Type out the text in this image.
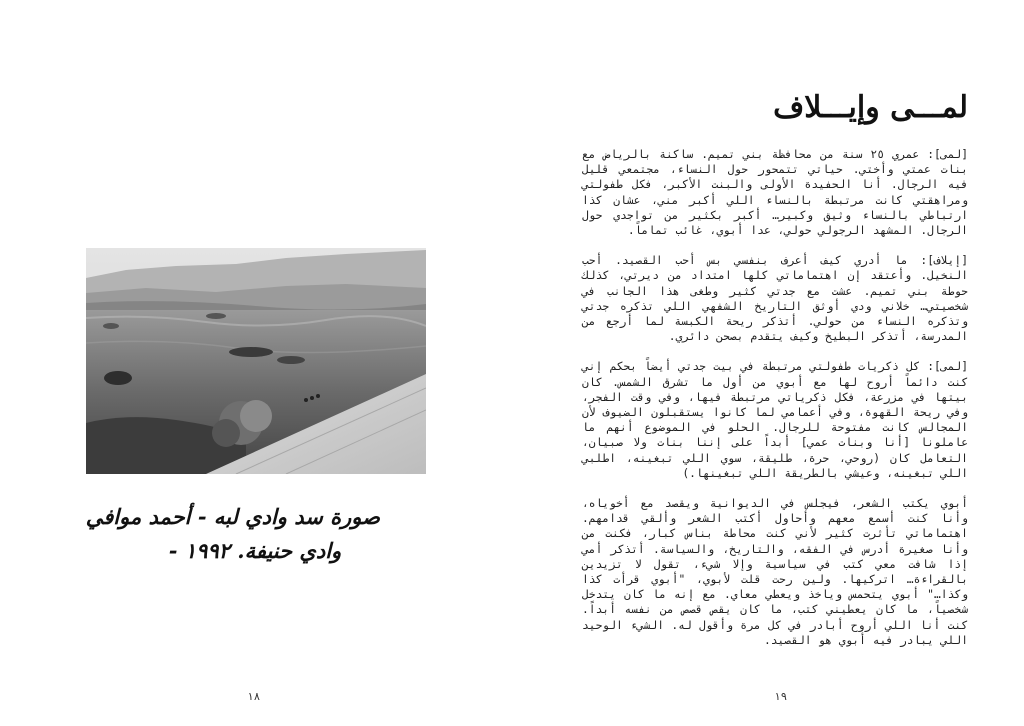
صورة سد وادي لبه - أحمد موافي
وادي حنيفة. ١٩٩٢ -
١٨
لمـــى وإيـــلاف

[لمى]: عمري ٢٥ سنة من محافظة بني تميم. ساكنة بالرياض مع بنات عمتي وأختي. حياتي تتمحور حول النساء، مجتمعي قليل فيه الرجال. أنا الحفيدة الأولى والبنت الأكبر، فكل طفولتي ومراهقتي كانت مرتبطة بالنساء اللي أكبر مني، عشان كذا ارتباطي بالنساء وثيق وكبير… أكبر بكثير من تواجدي حول الرجال. المشهد الرجولي حولي، عدا أبوي، غائب تماماً.

[إيلاف]: ما أدري كيف أعرف بنفسي بس أحب القصيد. أحب النخيل. وأعتقد إن اهتماماتي كلها امتداد من ديرتي، كذلك حوطة بني تميم. عشت مع جدتي كثير وطغى هذا الجانب في شخصيتي… خلاني ودي أوثق التاريخ الشفهي اللي تذكره جدتي وتذكره النساء من حولي. أتذكر ريحة الكبسة لما أرجع من المدرسة، أتذكر البطيخ وكيف يتقدم بصحن دائري.

[لمى]: كل ذكريات طفولتي مرتبطة في بيت جدتي أيضاً بحكم إني كنت دائماً أروح لها مع أبوي من أول ما تشرق الشمس. كان بيتها في مزرعة، فكل ذكرياتي مرتبطة فيها، وفي وقت الفجر، وفي ريحة القهوة، وفي أعمامي لما كانوا يستقبلون الضيوف لأن المجالس كانت مفتوحة للرجال. الحلو في الموضوع أنهم ما عاملونا [أنا وبنات عمي] أبداً على إننا بنات ولا صبيان، التعامل كان (روحي، حرة، طليقة، سوي اللي تبغينه، اطلبي اللي تبغينه، وعيشي بالطريقة اللي تبغينها.)

أبوي يكتب الشعر، فيجلس في الديوانية ويقصد مع أخوياه، وأنا كنت أسمع معهم وأحاول أكتب الشعر وألقي قدامهم. اهتماماتي تأثرت كثير لأني كنت محاطة بناس كبار، فكنت من وأنا صغيرة أدرس في الفقه، والتاريخ، والسياسة. أتذكر أمي إذا شافت معي كتب في سياسية وإلا شيء، تقول لا تزيدين بالقراءة… اتركيها. ولين رحت قلت لأبوي، "أبوي قرأت كذا وكذا…" أبوي يتحمس وياخذ ويعطي معاي. مع إنه ما كان يتدخل شخصياً، ما كان يعطيني كتب، ما كان يقص قصص من نفسه أبداً. كنت أنا اللي أروح أبادر في كل مرة وأقول له. الشيء الوحيد اللي يبادر فيه أبوي هو القصيد.

١٩
